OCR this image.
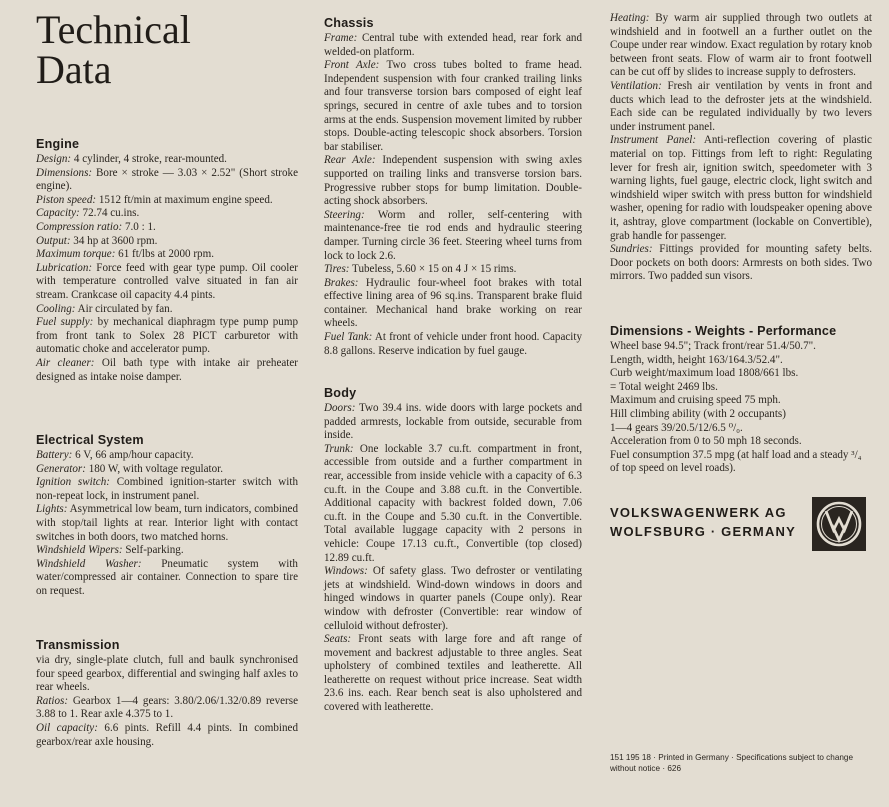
Technical
Data
Engine

Design: 4 cylinder, 4 stroke, rear-mounted.

Dimensions: Bore × stroke — 3.03 × 2.52" (Short stroke engine).

Piston speed: 1512 ft/min at maximum engine speed.

Capacity: 72.74 cu.ins.

Compression ratio: 7.0 : 1.

Output: 34 hp at 3600 rpm.

Maximum torque: 61 ft/lbs at 2000 rpm.

Lubrication: Force feed with gear type pump. Oil cooler with temperature controlled valve situated in fan air stream. Crankcase oil capacity 4.4 pints.

Cooling: Air circulated by fan.

Fuel supply: by mechanical diaphragm type pump pump from front tank to Solex 28 PICT carburetor with automatic choke and accelerator pump.

Air cleaner: Oil bath type with intake air preheater designed as intake noise damper.

Electrical System

Battery: 6 V, 66 amp/hour capacity.

Generator: 180 W, with voltage regulator.

Ignition switch: Combined ignition-starter switch with non-repeat lock, in instrument panel.

Lights: Asymmetrical low beam, turn indicators, combined with stop/tail lights at rear. Interior light with contact switches in both doors, two matched horns.

Windshield Wipers: Self-parking.

Windshield Washer: Pneumatic system with water/compressed air container. Connection to spare tire on request.

Transmission

via dry, single-plate clutch, full and baulk synchronised four speed gearbox, differential and swinging half axles to rear wheels.

Ratios: Gearbox 1—4 gears: 3.80/2.06/1.32/0.89 reverse 3.88 to 1. Rear axle 4.375 to 1.

Oil capacity: 6.6 pints. Refill 4.4 pints. In combined gearbox/rear axle housing.

Chassis

Frame: Central tube with extended head, rear fork and welded-on platform.

Front Axle: Two cross tubes bolted to frame head. Independent suspension with four cranked trailing links and four transverse torsion bars composed of eight leaf springs, secured in centre of axle tubes and to torsion arms at the ends. Suspension movement limited by rubber stops. Double-acting telescopic shock absorbers. Torsion bar stabiliser.

Rear Axle: Independent suspension with swing axles supported on trailing links and transverse torsion bars. Progressive rubber stops for bump limitation. Double-acting shock absorbers.

Steering: Worm and roller, self-centering with maintenance-free tie rod ends and hydraulic steering damper. Turning circle 36 feet. Steering wheel turns from lock to lock 2.6.

Tires: Tubeless, 5.60 × 15 on 4 J × 15 rims.

Brakes: Hydraulic four-wheel foot brakes with total effective lining area of 96 sq.ins. Transparent brake fluid container. Mechanical hand brake working on rear wheels.

Fuel Tank: At front of vehicle under front hood. Capacity 8.8 gallons. Reserve indication by fuel gauge.

Body

Doors: Two 39.4 ins. wide doors with large pockets and padded armrests, lockable from outside, securable from inside.

Trunk: One lockable 3.7 cu.ft. compartment in front, accessible from outside and a further compartment in rear, accessible from inside vehicle with a capacity of 6.3 cu.ft. in the Coupe and 3.88 cu.ft. in the Convertible. Additional capacity with backrest folded down, 7.06 cu.ft. in the Coupe and 5.30 cu.ft. in the Convertible. Total available luggage capacity with 2 persons in vehicle: Coupe 17.13 cu.ft., Convertible (top closed) 12.89 cu.ft.

Windows: Of safety glass. Two defroster or ventilating jets at windshield. Wind-down windows in doors and hinged windows in quarter panels (Coupe only). Rear window with defroster (Convertible: rear window of celluloid without defroster).

Seats: Front seats with large fore and aft range of movement and backrest adjustable to three angles. Seat upholstery of combined textiles and leatherette. All leatherette on request without price increase. Seat width 23.6 ins. each. Rear bench seat is also upholstered and covered with leatherette.

Heating: By warm air supplied through two outlets at windshield and in footwell an a further outlet on the Coupe under rear window. Exact regulation by rotary knob between front seats. Flow of warm air to front footwell can be cut off by slides to increase supply to defrosters.

Ventilation: Fresh air ventilation by vents in front and ducts which lead to the defroster jets at the windshield. Each side can be regulated individually by two levers under instrument panel.

Instrument Panel: Anti-reflection covering of plastic material on top. Fittings from left to right: Regulating lever for fresh air, ignition switch, speedometer with 3 warning lights, fuel gauge, electric clock, light switch and windshield wiper switch with press button for windshield washer, opening for radio with loudspeaker opening above it, ashtray, glove compartment (lockable on Convertible), grab handle for passenger.

Sundries: Fittings provided for mounting safety belts. Door pockets on both doors: Armrests on both sides. Two mirrors. Two padded sun visors.

Dimensions - Weights - Performance

Wheel base 94.5"; Track front/rear 51.4/50.7".

Length, width, height 163/164.3/52.4".

Curb weight/maximum load 1808/661 lbs.

= Total weight 2469 lbs.

Maximum and cruising speed 75 mph.

Hill climbing ability (with 2 occupants)

1—4 gears 39/20.5/12/6.5 ⁰/₀.

Acceleration from 0 to 50 mph 18 seconds.

Fuel consumption 37.5 mpg (at half load and a steady ³/₄ of top speed on level roads).

VOLKSWAGENWERK AG
WOLFSBURG · GERMANY
151 195 18 · Printed in Germany · Specifications subject to change without notice · 626
